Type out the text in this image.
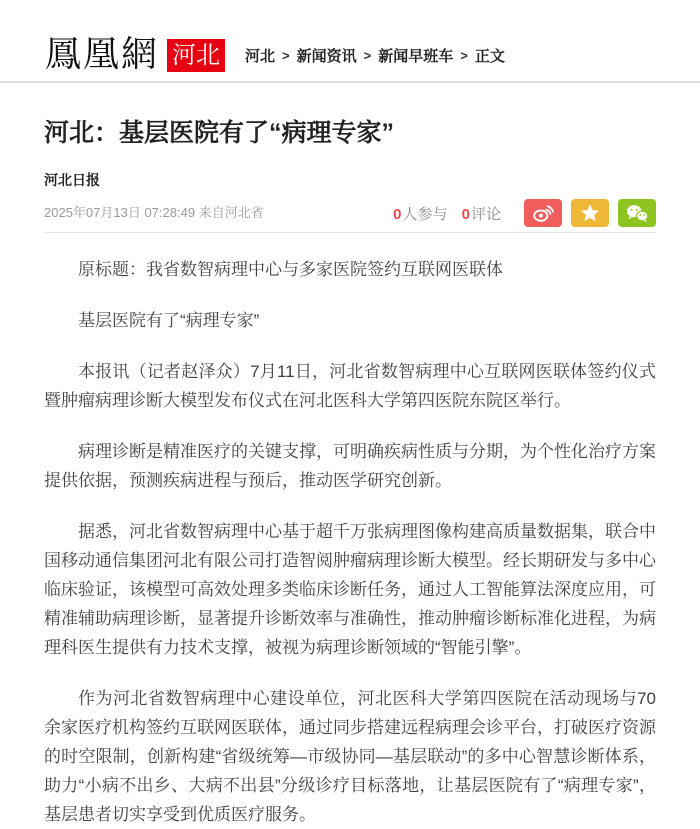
鳳凰網 河北	河北 > 新闻资讯 > 新闻早班车 > 正文
河北：基层医院有了“病理专家”
河北日报
2025年07月13日 07:28:49 来自河北省	0人参与 0评论

原标题：我省数智病理中心与多家医院签约互联网医联体

基层医院有了“病理专家”

本报讯（记者赵泽众）7月11日，河北省数智病理中心互联网医联体签约仪式暨肿瘤病理诊断大模型发布仪式在河北医科大学第四医院东院区举行。

病理诊断是精准医疗的关键支撑，可明确疾病性质与分期，为个性化治疗方案提供依据，预测疾病进程与预后，推动医学研究创新。

据悉，河北省数智病理中心基于超千万张病理图像构建高质量数据集，联合中国移动通信集团河北有限公司打造智阅肿瘤病理诊断大模型。经长期研发与多中心临床验证，该模型可高效处理多类临床诊断任务，通过人工智能算法深度应用，可精准辅助病理诊断，显著提升诊断效率与准确性，推动肿瘤诊断标准化进程，为病理科医生提供有力技术支撑，被视为病理诊断领域的“智能引擎”。

作为河北省数智病理中心建设单位，河北医科大学第四医院在活动现场与70余家医疗机构签约互联网医联体，通过同步搭建远程病理会诊平台，打破医疗资源的时空限制，创新构建“省级统筹—市级协同—基层联动”的多中心智慧诊断体系，助力“小病不出乡、大病不出县”分级诊疗目标落地，让基层医院有了“病理专家”，基层患者切实享受到优质医疗服务。
